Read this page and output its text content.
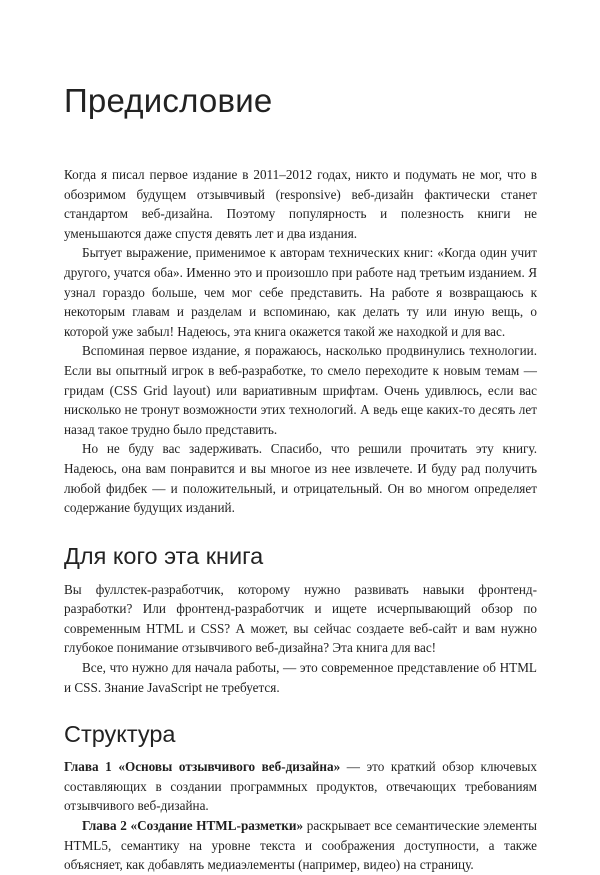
Предисловие

Когда я писал первое издание в 2011–2012 годах, никто и подумать не мог, что в обозримом будущем отзывчивый (responsive) веб-дизайн фактически станет стандартом веб-дизайна. Поэтому популярность и полезность книги не уменьшаются даже спустя девять лет и два издания.

Бытует выражение, применимое к авторам технических книг: «Когда один учит другого, учатся оба». Именно это и произошло при работе над третьим изданием. Я узнал гораздо больше, чем мог себе представить. На работе я возвращаюсь к некоторым главам и разделам и вспоминаю, как делать ту или иную вещь, о которой уже забыл! Надеюсь, эта книга окажется такой же находкой и для вас.

Вспоминая первое издание, я поражаюсь, насколько продвинулись технологии. Если вы опытный игрок в веб-разработке, то смело переходите к новым темам — гридам (CSS Grid layout) или вариативным шрифтам. Очень удивлюсь, если вас нисколько не тронут возможности этих технологий. А ведь еще каких-то десять лет назад такое трудно было представить.

Но не буду вас задерживать. Спасибо, что решили прочитать эту книгу. Надеюсь, она вам понравится и вы многое из нее извлечете. И буду рад получить любой фидбек — и положительный, и отрицательный. Он во многом определяет содержание будущих изданий.

Для кого эта книга

Вы фуллстек-разработчик, которому нужно развивать навыки фронтенд-разработки? Или фронтенд-разработчик и ищете исчерпывающий обзор по современным HTML и CSS? А может, вы сейчас создаете веб-сайт и вам нужно глубокое понимание отзывчивого веб-дизайна? Эта книга для вас!

Все, что нужно для начала работы, — это современное представление об HTML и CSS. Знание JavaScript не требуется.

Структура

Глава 1 «Основы отзывчивого веб-дизайна» — это краткий обзор ключевых составляющих в создании программных продуктов, отвечающих требованиям отзывчивого веб-дизайна.

Глава 2 «Создание HTML-разметки» раскрывает все семантические элементы HTML5, семантику на уровне текста и соображения доступности, а также объясняет, как добавлять медиаэлементы (например, видео) на страницу.
